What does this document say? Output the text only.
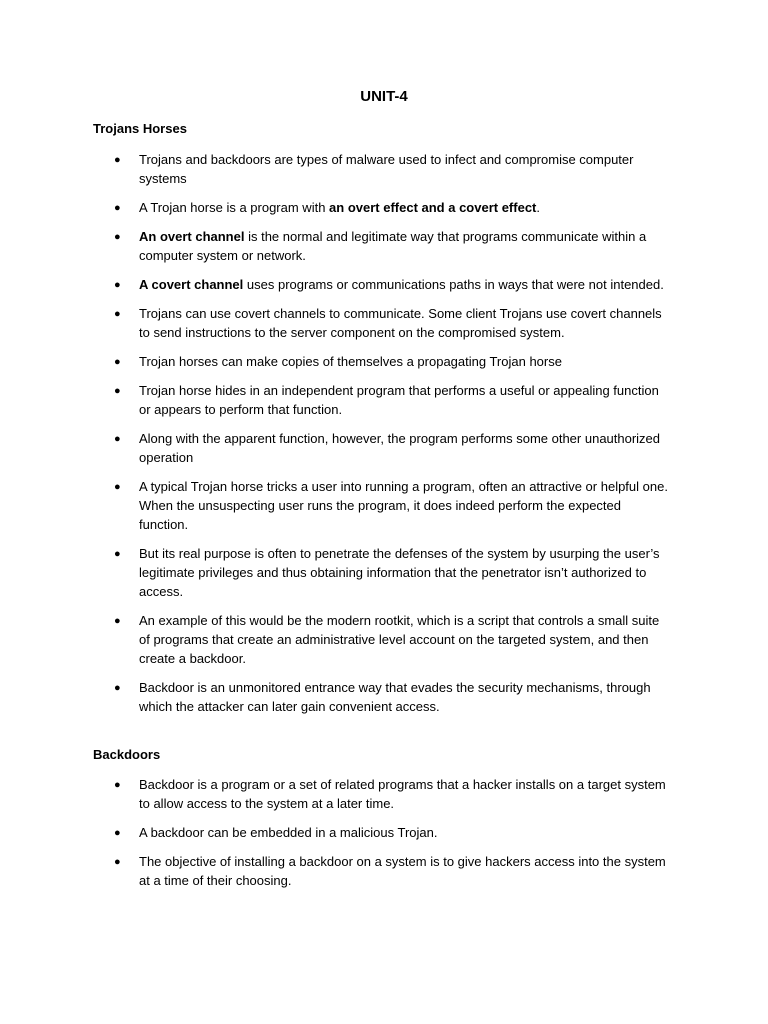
UNIT-4
Trojans Horses
● Trojans and backdoors are types of malware used to infect and compromise computer systems
● A Trojan horse is a program with an overt effect and a covert effect.
● An overt channel is the normal and legitimate way that programs communicate within a computer system or network.
● A covert channel uses programs or communications paths in ways that were not intended.
● Trojans can use covert channels to communicate. Some client Trojans use covert channels to send instructions to the server component on the compromised system.
● Trojan horses can make copies of themselves a propagating Trojan horse
● Trojan horse hides in an independent program that performs a useful or appealing function or appears to perform that function.
● Along with the apparent function, however, the program performs some other unauthorized operation
● A typical Trojan horse tricks a user into running a program, often an attractive or helpful one. When the unsuspecting user runs the program, it does indeed perform the expected function.
● But its real purpose is often to penetrate the defenses of the system by usurping the user’s legitimate privileges and thus obtaining information that the penetrator isn’t authorized to access.
● An example of this would be the modern rootkit, which is a script that controls a small suite of programs that create an administrative level account on the targeted system, and then create a backdoor.
● Backdoor is an unmonitored entrance way that evades the security mechanisms, through which the attacker can later gain convenient access.
Backdoors
● Backdoor is a program or a set of related programs that a hacker installs on a target system to allow access to the system at a later time.
● A backdoor can be embedded in a malicious Trojan.
● The objective of installing a backdoor on a system is to give hackers access into the system at a time of their choosing.
